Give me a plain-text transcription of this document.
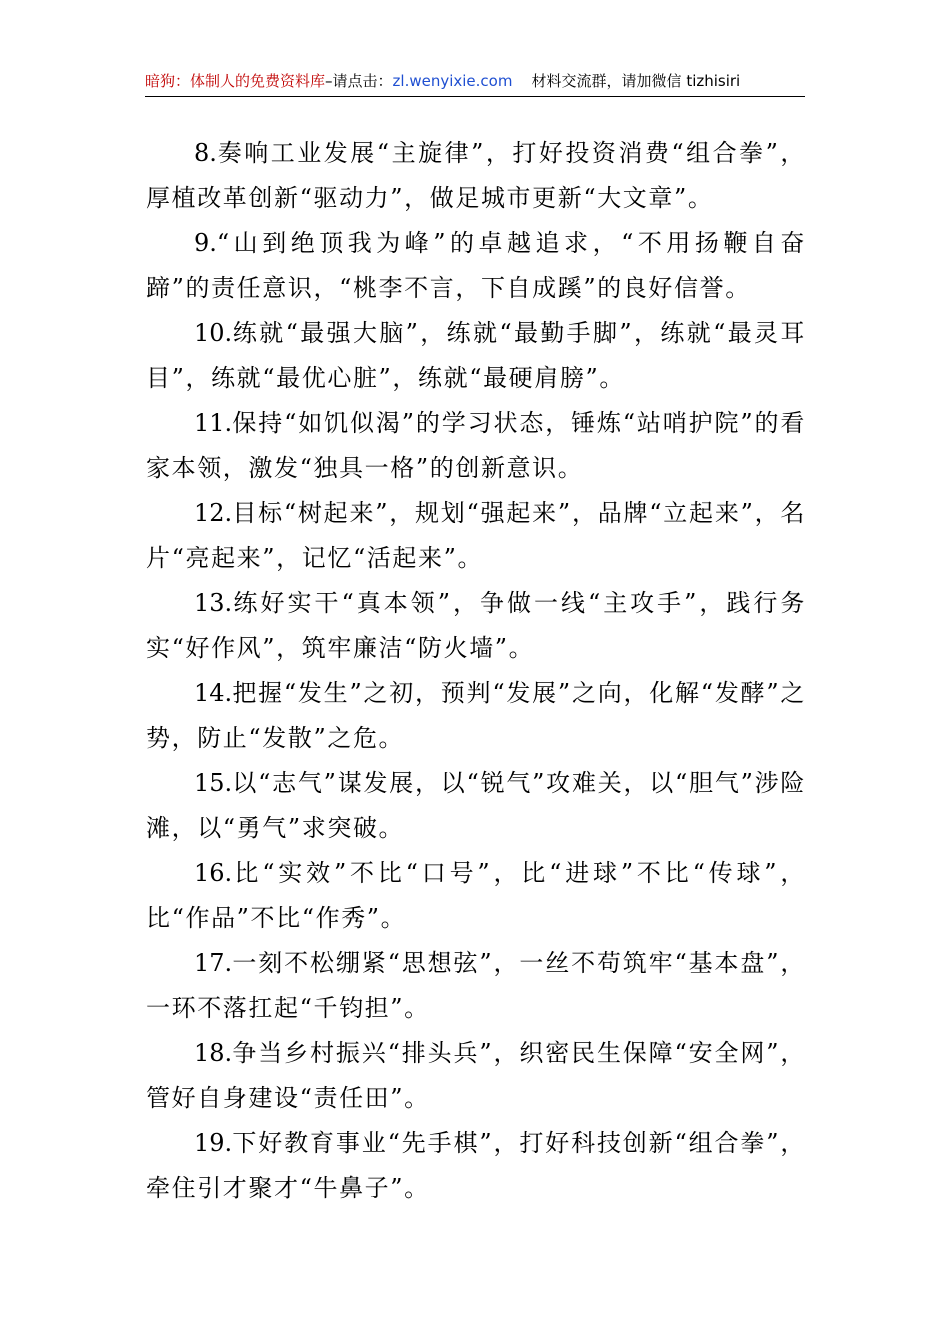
暗狗：体制人的免费资料库–请点击：zl.wenyixie.com 材料交流群，请加微信 tizhisiri

8.奏响工业发展“主旋律”，打好投资消费“组合拳”，厚植改革创新“驱动力”，做足城市更新“大文章”。

9.“山到绝顶我为峰”的卓越追求，“不用扬鞭自奋蹄”的责任意识，“桃李不言，下自成蹊”的良好信誉。

10.练就“最强大脑”，练就“最勤手脚”，练就“最灵耳目”，练就“最优心脏”，练就“最硬肩膀”。

11.保持“如饥似渴”的学习状态，锤炼“站哨护院”的看家本领，激发“独具一格”的创新意识。

12.目标“树起来”，规划“强起来”，品牌“立起来”，名片“亮起来”，记忆“活起来”。

13.练好实干“真本领”，争做一线“主攻手”，践行务实“好作风”，筑牢廉洁“防火墙”。

14.把握“发生”之初，预判“发展”之向，化解“发酵”之势，防止“发散”之危。

15.以“志气”谋发展，以“锐气”攻难关，以“胆气”涉险滩，以“勇气”求突破。

16.比“实效”不比“口号”，比“进球”不比“传球”，比“作品”不比“作秀”。

17.一刻不松绷紧“思想弦”，一丝不苟筑牢“基本盘”，一环不落扛起“千钧担”。

18.争当乡村振兴“排头兵”，织密民生保障“安全网”，管好自身建设“责任田”。

19.下好教育事业“先手棋”，打好科技创新“组合拳”，牵住引才聚才“牛鼻子”。
